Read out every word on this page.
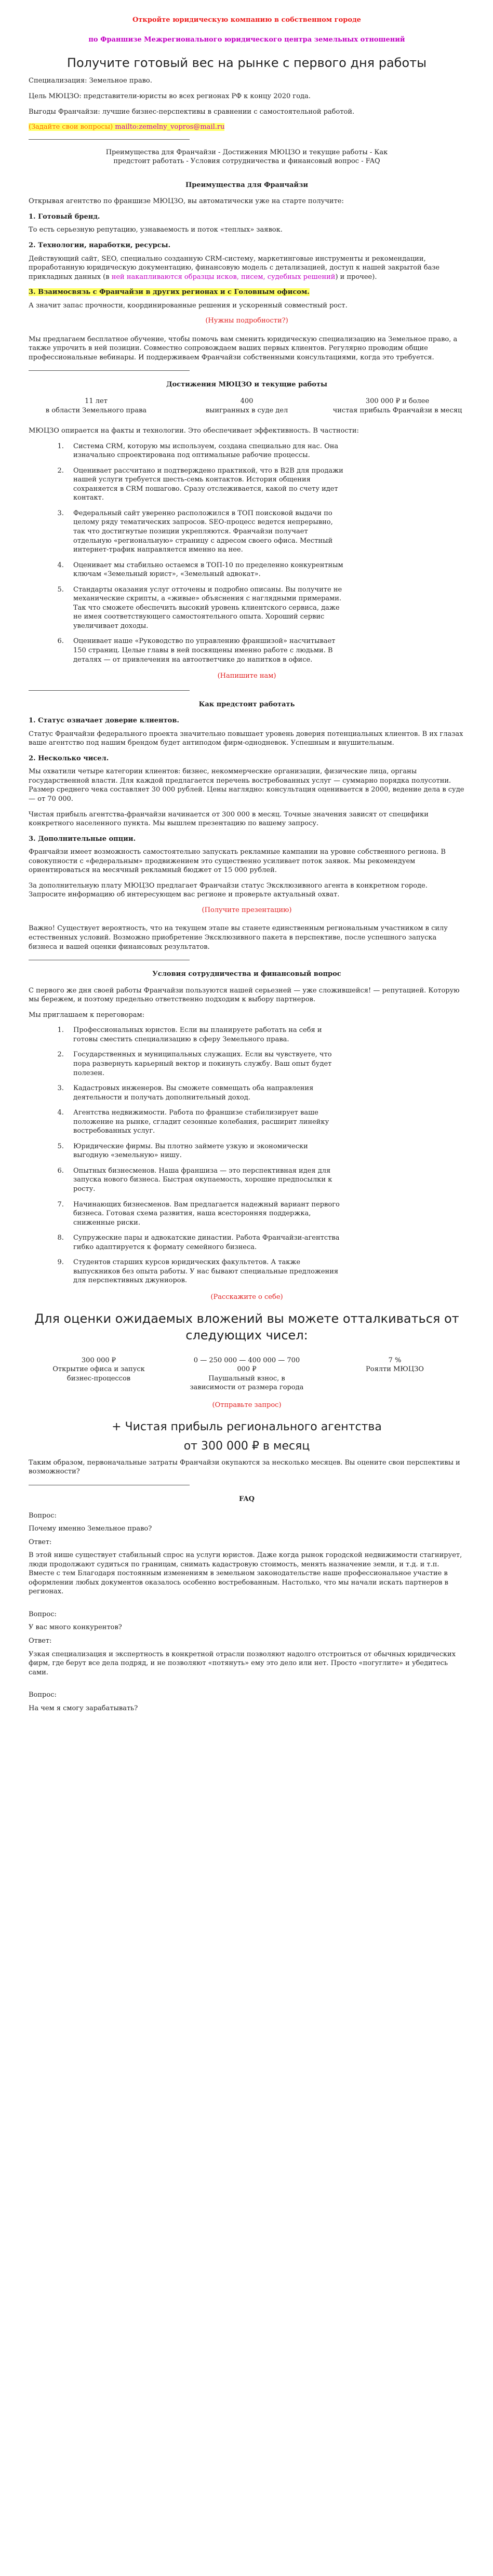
Откройте юридическую компанию в собственном городе
по Франшизе Межрегионального юридического центра земельных отношений
Получите готовый вес на рынке с первого дня работы

Специализация: Земельное право.

Цель МЮЦЗО: представители-юристы во всех регионах РФ к концу 2020 года.

Выгоды Франчайзи: лучшие бизнес-перспективы в сравнении с самостоятельной работой.

(Задайте свои вопросы) mailto:zemelny_vopros@mail.ru

Преимущества для Франчайзи - Достижения МЮЦЗО и текущие работы - Как предстоит работать - Условия сотрудничества и финансовый вопрос - FAQ
Преимущества для Франчайзи

Открывая агентство по франшизе МЮЦЗО, вы автоматически уже на старте получите:

1. Готовый бренд.

То есть серьезную репутацию, узнаваемость и поток «теплых» заявок.

2. Технологии, наработки, ресурсы.

Действующий сайт, SEO, специально созданную CRM-систему, маркетинговые инструменты и рекомендации, проработанную юридическую документацию, финансовую модель с детализацией, доступ к нашей закрытой базе прикладных данных (в ней накапливаются образцы исков, писем, судебных решений) и прочее).

3. Взаимосвязь с Франчайзи в других регионах и с Головным офисом.

А значит запас прочности, координированные решения и ускоренный совместный рост.

(Нужны подробности?)

Мы предлагаем бесплатное обучение, чтобы помочь вам сменить юридическую специализацию на Земельное право, а также упрочить в ней позиции. Совместно сопровождаем ваших первых клиентов. Регулярно проводим общие профессиональные вебинары. И поддерживаем Франчайзи собственными консультациями, когда это требуется.

Достижения МЮЦЗО и текущие работы
11 лет
в области Земельного права
400
выигранных в суде дел
300 000 ₽ и более
чистая прибыль Франчайзи в месяц

МЮЦЗО опирается на факты и технологии. Это обеспечивает эффективность. В частности:

1. Система CRM, которую мы используем, создана специально для нас. Она изначально спроектирована под оптимальные рабочие процессы.
2. Оценивает рассчитано и подтверждено практикой, что в B2B для продажи нашей услуги требуется шесть-семь контактов. История общения сохраняется в CRM пошагово. Сразу отслеживается, какой по счету идет контакт.
3. Федеральный сайт уверенно расположился в ТОП поисковой выдачи по целому ряду тематических запросов. SEO-процесс ведется непрерывно, так что достигнутые позиции укрепляются. Франчайзи получает отдельную «региональную» страницу с адресом своего офиса. Местный интернет-трафик направляется именно на нее.
4. Оценивает мы стабильно остаемся в ТОП-10 по пределенно конкурентным ключам «Земельный юрист», «Земельный адвокат».
5. Стандарты оказания услуг отточены и подробно описаны. Вы получите не механические скрипты, а «живые» объяснения с наглядными примерами. Так что сможете обеспечить высокий уровень клиентского сервиса, даже не имея соответствующего самостоятельного опыта. Хороший сервис увеличивает доходы.
6. Оценивает наше «Руководство по управлению франшизой» насчитывает 150 страниц. Целые главы в ней посвящены именно работе с людьми. В деталях — от привлечения на автоответчике до напитков в офисе.

(Напишите нам)

Как предстоит работать

1. Статус означает доверие клиентов.

Статус Франчайзи федерального проекта значительно повышает уровень доверия потенциальных клиентов. В их глазах ваше агентство под нашим брендом будет антиподом фирм-однодневок. Успешным и внушительным.

2. Несколько чисел.

Мы охватили четыре категории клиентов: бизнес, некоммерческие организации, физические лица, органы государственной власти. Для каждой предлагается перечень востребованных услуг — суммарно порядка полусотни. Размер среднего чека составляет 30 000 рублей. Цены наглядно: консультация оценивается в 2000, ведение дела в суде — от 70 000.

Чистая прибыль агентства-франчайзи начинается от 300 000 в месяц. Точные значения зависят от специфики конкретного населенного пункта. Мы вышлем презентацию по вашему запросу.

3. Дополнительные опции.

Франчайзи имеет возможность самостоятельно запускать рекламные кампании на уровне собственного региона. В совокупности с «федеральным» продвижением это существенно усиливает поток заявок. Мы рекомендуем ориентироваться на месячный рекламный бюджет от 15 000 рублей.

За дополнительную плату МЮЦЗО предлагает Франчайзи статус Эксклюзивного агента в конкретном городе. Запросите информацию об интересующем вас регионе и проверьте актуальный охват.

(Получите презентацию)

Важно! Существует вероятность, что на текущем этапе вы станете единственным региональным участником в силу естественных условий. Возможно приобретение Эксклюзивного пакета в перспективе, после успешного запуска бизнеса и вашей оценки финансовых результатов.

Условия сотрудничества и финансовый вопрос

С первого же дня своей работы Франчайзи пользуются нашей серьезней — уже сложившейся! — репутацией. Которую мы бережем, и поэтому предельно ответственно подходим к выбору партнеров.

Мы приглашаем к переговорам:

1. Профессиональных юристов. Если вы планируете работать на себя и готовы сместить специализацию в сферу Земельного права.
2. Государственных и муниципальных служащих. Если вы чувствуете, что пора развернуть карьерный вектор и покинуть службу. Ваш опыт будет полезен.
3. Кадастровых инженеров. Вы сможете совмещать оба направления деятельности и получать дополнительный доход.
4. Агентства недвижимости. Работа по франшизе стабилизирует ваше положение на рынке, сгладит сезонные колебания, расширит линейку востребованных услуг.
5. Юридические фирмы. Вы плотно займете узкую и экономически выгодную «земельную» нишу.
6. Опытных бизнесменов. Наша франшиза — это перспективная идея для запуска нового бизнеса. Быстрая окупаемость, хорошие предпосылки к росту.
7. Начинающих бизнесменов. Вам предлагается надежный вариант первого бизнеса. Готовая схема развития, наша всесторонняя поддержка, сниженные риски.
8. Супружеские пары и адвокатские династии. Работа Франчайзи-агентства гибко адаптируется к формату семейного бизнеса.
9. Студентов старших курсов юридических факультетов. А также выпускников без опыта работы. У нас бывают специальные предложения для перспективных джуниоров.

(Расскажите о себе)

Для оценки ожидаемых вложений вы можете отталкиваться от следующих чисел:
300 000 ₽
Открытие офиса и запуск бизнес-процессов
0 — 250 000 — 400 000 — 700 000 ₽
Паушальный взнос, в зависимости от размера города
7 %
Роялти МЮЦЗО

(Отправьте запрос)

+ Чистая прибыль регионального агентства
от 300 000 ₽ в месяц

Таким образом, первоначальные затраты Франчайзи окупаются за несколько месяцев. Вы оцените свои перспективы и возможности?

FAQ

Вопрос:

Почему именно Земельное право?

Ответ:

В этой нише существует стабильный спрос на услуги юристов. Даже когда рынок городской недвижимости стагнирует, люди продолжают судиться по границам, снимать кадастровую стоимость, менять назначение земли, и т.д. и т.п. Вместе с тем Благодаря постоянным изменениям в земельном законодательстве наше профессиональное участие в оформлении любых документов оказалось особенно востребованным. Настолько, что мы начали искать партнеров в регионах.

Вопрос:

У вас много конкурентов?

Ответ:

Узкая специализация и экспертность в конкретной отрасли позволяют надолго отстроиться от обычных юридических фирм, где берут все дела подряд, и не позволяют «потянуть» ему это дело или нет. Просто «погуглите» и убедитесь сами.

Вопрос:

На чем я смогу зарабатывать?
